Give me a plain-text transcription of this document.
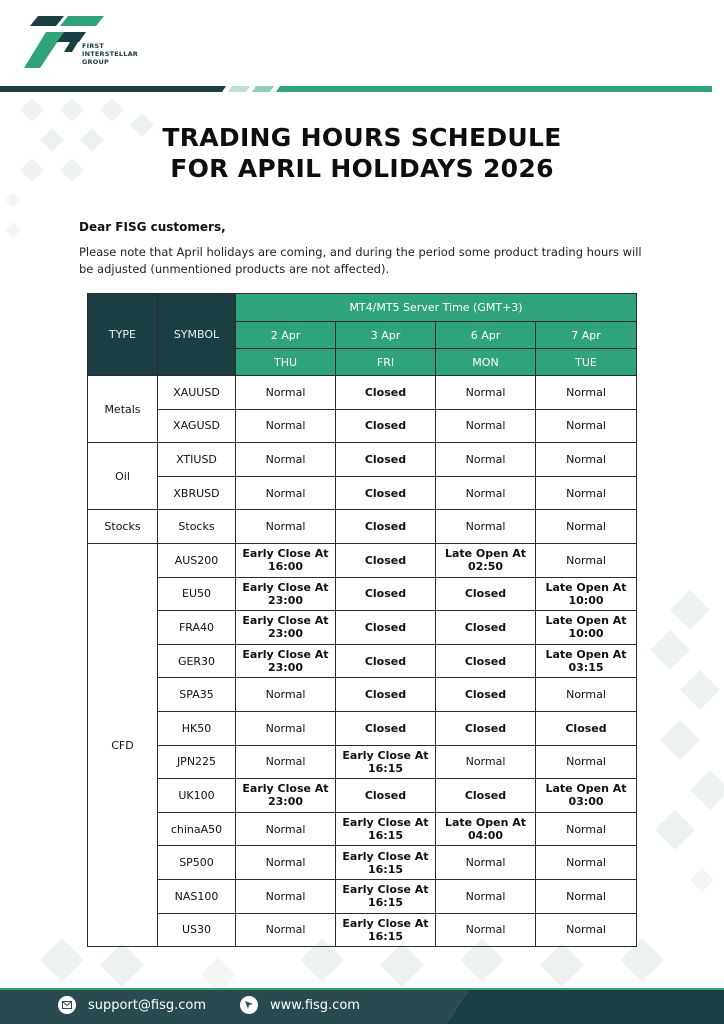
FIRST
INTERSTELLAR
GROUP
TRADING HOURS SCHEDULE
FOR APRIL HOLIDAYS 2026
Dear FISG customers,
Please note that April holidays are coming, and during the period some product trading hours will be adjusted (unmentioned products are not affected).
TYPE	SYMBOL	MT4/MT5 Server Time (GMT+3)			
		2 Apr	3 Apr	6 Apr	7 Apr
		THU	FRI	MON	TUE
Metals	XAUUSD	Normal	Closed	Normal	Normal
	XAGUSD	Normal	Closed	Normal	Normal
Oil	XTIUSD	Normal	Closed	Normal	Normal
	XBRUSD	Normal	Closed	Normal	Normal
Stocks	Stocks	Normal	Closed	Normal	Normal
CFD	AUS200	Early Close At 16:00	Closed	Late Open At 02:50	Normal
	EU50	Early Close At 23:00	Closed	Closed	Late Open At 10:00
	FRA40	Early Close At 23:00	Closed	Closed	Late Open At 10:00
	GER30	Early Close At 23:00	Closed	Closed	Late Open At 03:15
	SPA35	Normal	Closed	Closed	Normal
	HK50	Normal	Closed	Closed	Closed
	JPN225	Normal	Early Close At 16:15	Normal	Normal
	UK100	Early Close At 23:00	Closed	Closed	Late Open At 03:00
	chinaA50	Normal	Early Close At 16:15	Late Open At 04:00	Normal
	SP500	Normal	Early Close At 16:15	Normal	Normal
	NAS100	Normal	Early Close At 16:15	Normal	Normal
	US30	Normal	Early Close At 16:15	Normal	Normal
support@fisg.com	www.fisg.com
